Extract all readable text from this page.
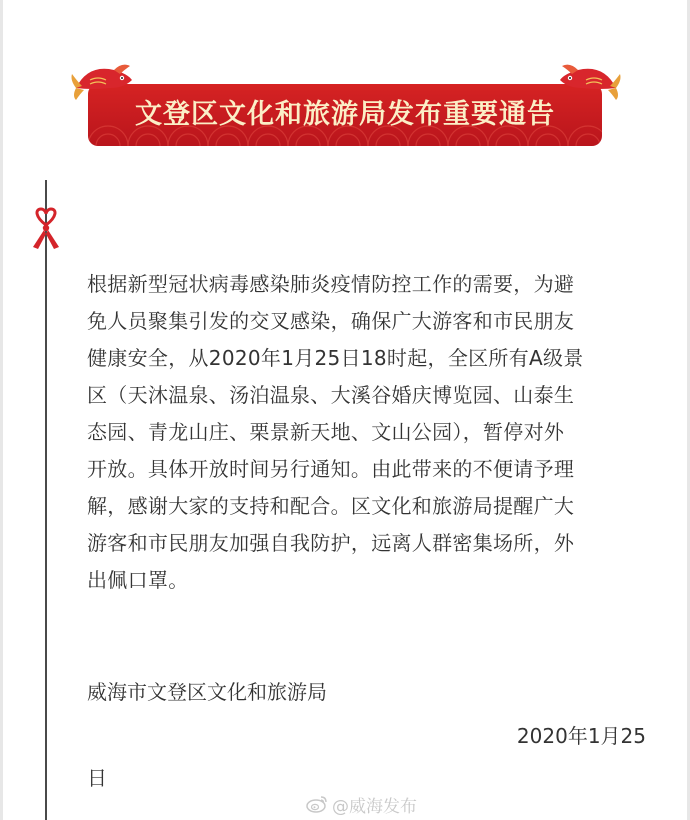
文登区文化和旅游局发布重要通告
根据新型冠状病毒感染肺炎疫情防控工作的需要，为避
免人员聚集引发的交叉感染，确保广大游客和市民朋友
健康安全，从2020年1月25日18时起，全区所有A级景
区（天沐温泉、汤泊温泉、大溪谷婚庆博览园、山泰生
态园、青龙山庄、栗景新天地、文山公园），暂停对外
开放。具体开放时间另行通知。由此带来的不便请予理
解，感谢大家的支持和配合。区文化和旅游局提醒广大
游客和市民朋友加强自我防护，远离人群密集场所，外
出佩口罩。
威海市文登区文化和旅游局
2020年1月25
日
@威海发布
